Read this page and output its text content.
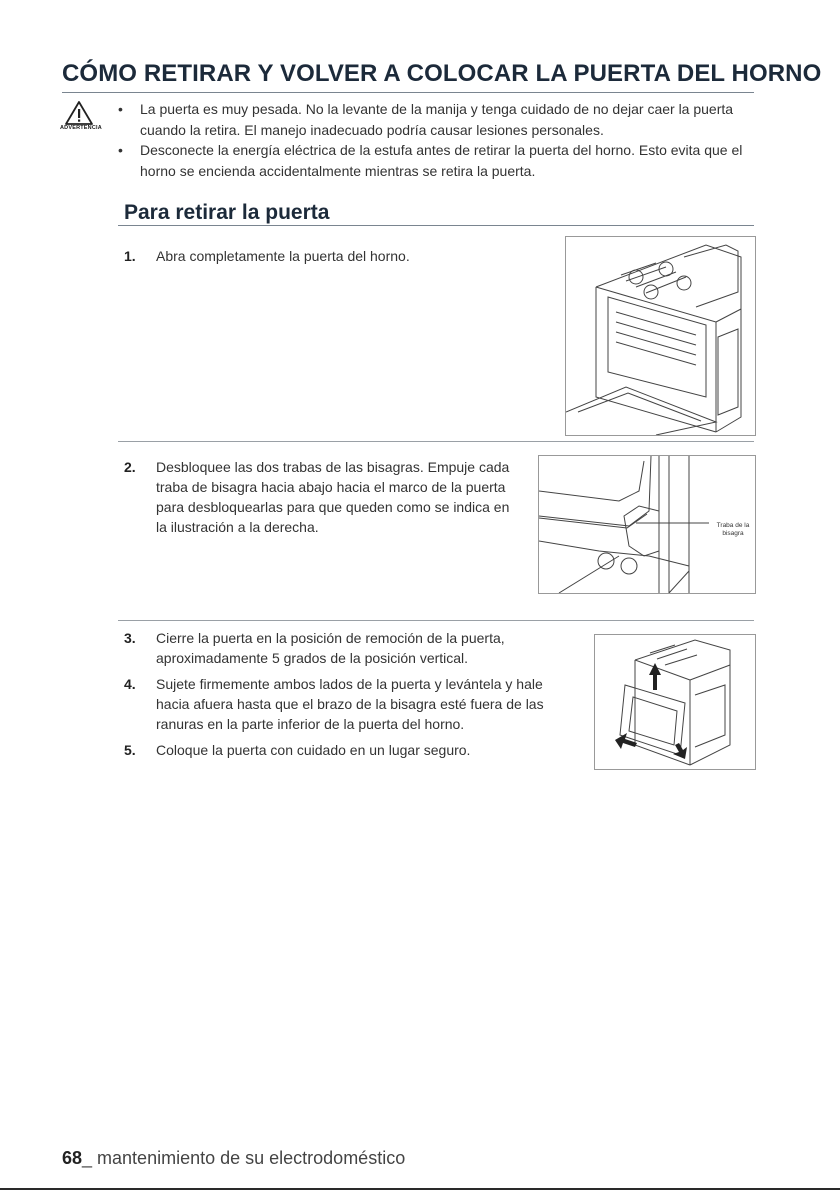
CÓMO RETIRAR Y VOLVER A COLOCAR LA PUERTA DEL HORNO
ADVERTENCIA
• La puerta es muy pesada. No la levante de la manija y tenga cuidado de no dejar caer la puerta cuando la retira. El manejo inadecuado podría causar lesiones personales.
• Desconecte la energía eléctrica de la estufa antes de retirar la puerta del horno. Esto evita que el horno se encienda accidentalmente mientras se retira la puerta.
Para retirar la puerta
1.	Abra completamente la puerta del horno.
2.	Desbloquee las dos trabas de las bisagras. Empuje cada traba de bisagra hacia abajo hacia el marco de la puerta para desbloquearlas para que queden como se indica en la ilustración a la derecha.	Traba de la bisagra
3.	Cierre la puerta en la posición de remoción de la puerta, aproximadamente 5 grados de la posición vertical.
4.	Sujete firmemente ambos lados de la puerta y levántela y hale hacia afuera hasta que el brazo de la bisagra esté fuera de las ranuras en la parte inferior de la puerta del horno.
5.	Coloque la puerta con cuidado en un lugar seguro.
68_ mantenimiento de su electrodoméstico
